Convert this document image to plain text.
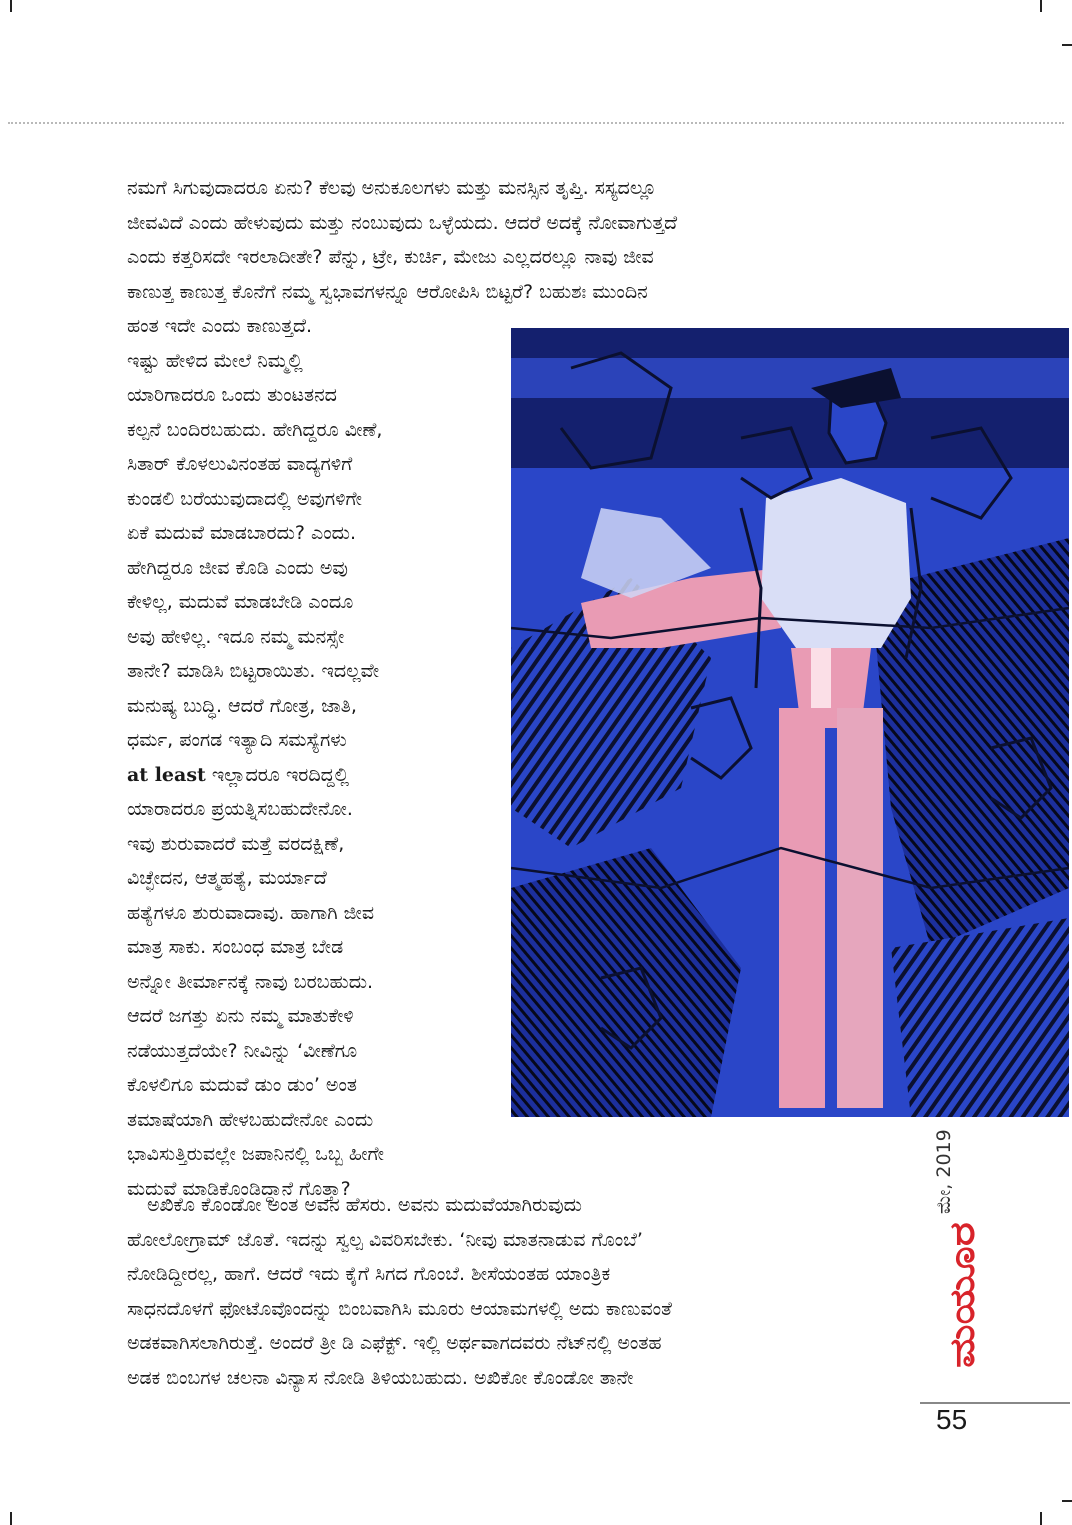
ನಮಗೆ ಸಿಗುವುದಾದರೂ ಏನು? ಕೆಲವು ಅನುಕೂಲಗಳು ಮತ್ತು ಮನಸ್ಸಿನ ತೃಪ್ತಿ. ಸಸ್ಯದಲ್ಲೂ
ಜೀವವಿದೆ ಎಂದು ಹೇಳುವುದು ಮತ್ತು ನಂಬುವುದು ಒಳ್ಳೆಯದು. ಆದರೆ ಅದಕ್ಕೆ ನೋವಾಗುತ್ತದೆ
ಎಂದು ಕತ್ತರಿಸದೇ ಇರಲಾದೀತೇ? ಪೆನ್ನು, ಟ್ರೇ, ಕುರ್ಚಿ, ಮೇಜು ಎಲ್ಲದರಲ್ಲೂ ನಾವು ಜೀವ
ಕಾಣುತ್ತ ಕಾಣುತ್ತ ಕೊನೆಗೆ ನಮ್ಮ ಸ್ವಭಾವಗಳನ್ನೂ ಆರೋಪಿಸಿ ಬಿಟ್ಟರೆ? ಬಹುಶಃ ಮುಂದಿನ
ಹಂತ ಇದೇ ಎಂದು ಕಾಣುತ್ತದೆ.
ಇಷ್ಟು ಹೇಳಿದ ಮೇಲೆ ನಿಮ್ಮಲ್ಲಿ
ಯಾರಿಗಾದರೂ ಒಂದು ತುಂಟತನದ
ಕಲ್ಪನೆ ಬಂದಿರಬಹುದು. ಹೇಗಿದ್ದರೂ ವೀಣೆ,
ಸಿತಾರ್ ಕೊಳಲುವಿನಂತಹ ವಾದ್ಯಗಳಿಗೆ
ಕುಂಡಲಿ ಬರೆಯುವುದಾದಲ್ಲಿ ಅವುಗಳಿಗೇ
ಏಕೆ ಮದುವೆ ಮಾಡಬಾರದು? ಎಂದು.
ಹೇಗಿದ್ದರೂ ಜೀವ ಕೊಡಿ ಎಂದು ಅವು
ಕೇಳಿಲ್ಲ, ಮದುವೆ ಮಾಡಬೇಡಿ ಎಂದೂ
ಅವು ಹೇಳಿಲ್ಲ. ಇದೂ ನಮ್ಮ ಮನಸ್ಸೇ
ತಾನೇ? ಮಾಡಿಸಿ ಬಿಟ್ಟರಾಯಿತು. ಇದಲ್ಲವೇ
ಮನುಷ್ಯ ಬುದ್ಧಿ. ಆದರೆ ಗೋತ್ರ, ಜಾತಿ,
ಧರ್ಮ, ಪಂಗಡ ಇತ್ಯಾದಿ ಸಮಸ್ಯೆಗಳು
at least ಇಲ್ಲಾದರೂ ಇರದಿದ್ದಲ್ಲಿ
ಯಾರಾದರೂ ಪ್ರಯತ್ನಿಸಬಹುದೇನೋ.
ಇವು ಶುರುವಾದರೆ ಮತ್ತೆ ವರದಕ್ಷಿಣೆ,
ವಿಚ್ಛೇದನ, ಆತ್ಮಹತ್ಯೆ, ಮರ್ಯಾದೆ
ಹತ್ಯೆಗಳೂ ಶುರುವಾದಾವು. ಹಾಗಾಗಿ ಜೀವ
ಮಾತ್ರ ಸಾಕು. ಸಂಬಂಧ ಮಾತ್ರ ಬೇಡ
ಅನ್ನೋ ತೀರ್ಮಾನಕ್ಕೆ ನಾವು ಬರಬಹುದು.
ಆದರೆ ಜಗತ್ತು ಏನು ನಮ್ಮ ಮಾತುಕೇಳಿ
ನಡೆಯುತ್ತದೆಯೇ? ನೀವಿನ್ನು ‘ವೀಣೆಗೂ
ಕೊಳಲಿಗೂ ಮದುವೆ ಡುಂ ಡುಂ’ ಅಂತ
ತಮಾಷೆಯಾಗಿ ಹೇಳಬಹುದೇನೋ ಎಂದು
ಭಾವಿಸುತ್ತಿರುವಲ್ಲೇ ಜಪಾನಿನಲ್ಲಿ ಒಬ್ಬ ಹೀಗೇ
ಮದುವೆ ಮಾಡಿಕೊಂಡಿದ್ದಾನೆ ಗೊತ್ತಾ?
ಅಖಿಕೊ ಕೊಂಡೋ ಅಂತ ಅವನ ಹೆಸರು. ಅವನು ಮದುವೆಯಾಗಿರುವುದು
ಹೋಲೋಗ್ರಾಮ್ ಜೊತೆ. ಇದನ್ನು ಸ್ವಲ್ಪ ವಿವರಿಸಬೇಕು. ‘ನೀವು ಮಾತನಾಡುವ ಗೊಂಬೆ’
ನೋಡಿದ್ದೀರಲ್ಲ, ಹಾಗೆ. ಆದರೆ ಇದು ಕೈಗೆ ಸಿಗದ ಗೊಂಬೆ. ಶೀಸೆಯಂತಹ ಯಾಂತ್ರಿಕ
ಸಾಧನದೊಳಗೆ ಫೋಟೊವೊಂದನ್ನು ಬಿಂಬವಾಗಿಸಿ ಮೂರು ಆಯಾಮಗಳಲ್ಲಿ ಅದು ಕಾಣುವಂತೆ
ಅಡಕವಾಗಿಸಲಾಗಿರುತ್ತೆ. ಅಂದರೆ ತ್ರೀ ಡಿ ಎಫೆಕ್ಟ್. ಇಲ್ಲಿ ಅರ್ಥವಾಗದವರು ನೆಟ್‌ನಲ್ಲಿ ಅಂತಹ
ಅಡಕ ಬಿಂಬಗಳ ಚಲನಾ ವಿನ್ಯಾಸ ನೋಡಿ ತಿಳಿಯಬಹುದು. ಅಖಿಕೋ ಕೊಂಡೋ ತಾನೇ
ಮೇ, 2019
ಮಯೂರ
55
